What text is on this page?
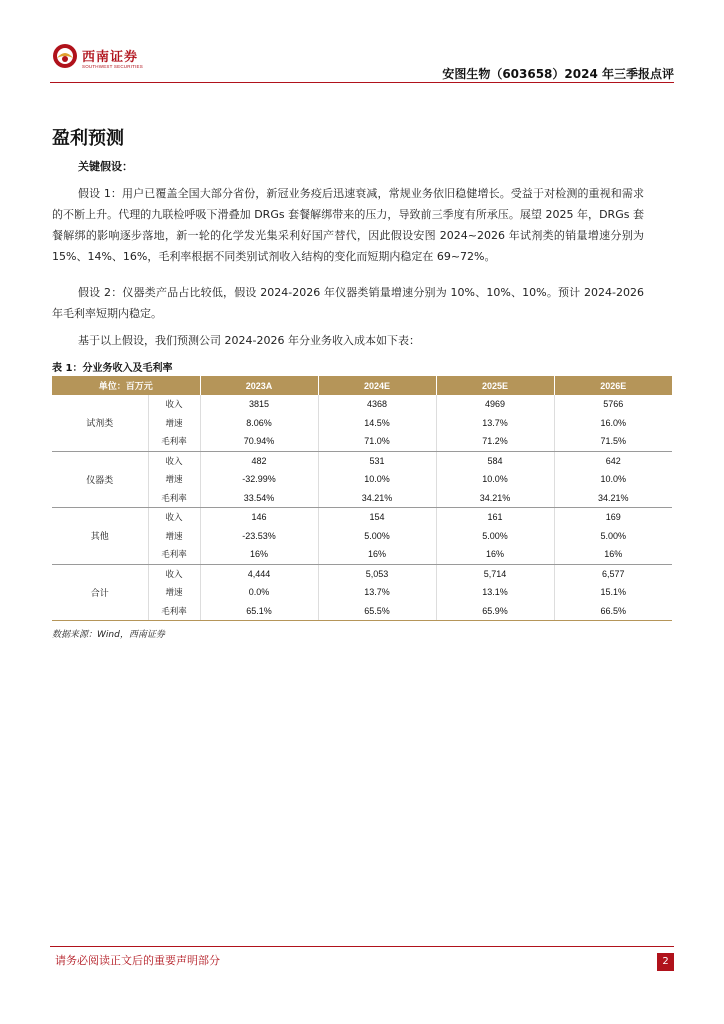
西南证券
SOUTHWEST SECURITIES
安图生物（603658）2024 年三季报点评
盈利预测
关键假设：
假设 1：用户已覆盖全国大部分省份，新冠业务疫后迅速衰减，常规业务依旧稳健增长。受益于对检测的重视和需求的不断上升。代理的九联检呼吸下滑叠加 DRGs 套餐解绑带来的压力，导致前三季度有所承压。展望 2025 年，DRGs 套餐解绑的影响逐步落地，新一轮的化学发光集采利好国产替代，因此假设安图 2024~2026 年试剂类的销量增速分别为 15%、14%、16%，毛利率根据不同类别试剂收入结构的变化而短期内稳定在 69~72%。
假设 2：仪器类产品占比较低，假设 2024-2026 年仪器类销量增速分别为 10%、10%、10%。预计 2024-2026 年毛利率短期内稳定。
基于以上假设，我们预测公司 2024-2026 年分业务收入成本如下表：
表 1：分业务收入及毛利率
单位：百万元		2023A	2024E	2025E	2026E
试剂类	收入	3815	4368	4969	5766
	增速	8.06%	14.5%	13.7%	16.0%
	毛利率	70.94%	71.0%	71.2%	71.5%
仪器类	收入	482	531	584	642
	增速	-32.99%	10.0%	10.0%	10.0%
	毛利率	33.54%	34.21%	34.21%	34.21%
其他	收入	146	154	161	169
	增速	-23.53%	5.00%	5.00%	5.00%
	毛利率	16%	16%	16%	16%
合计	收入	4,444	5,053	5,714	6,577
	增速	0.0%	13.7%	13.1%	15.1%
	毛利率	65.1%	65.5%	65.9%	66.5%
数据来源：Wind，西南证券
请务必阅读正文后的重要声明部分	2
